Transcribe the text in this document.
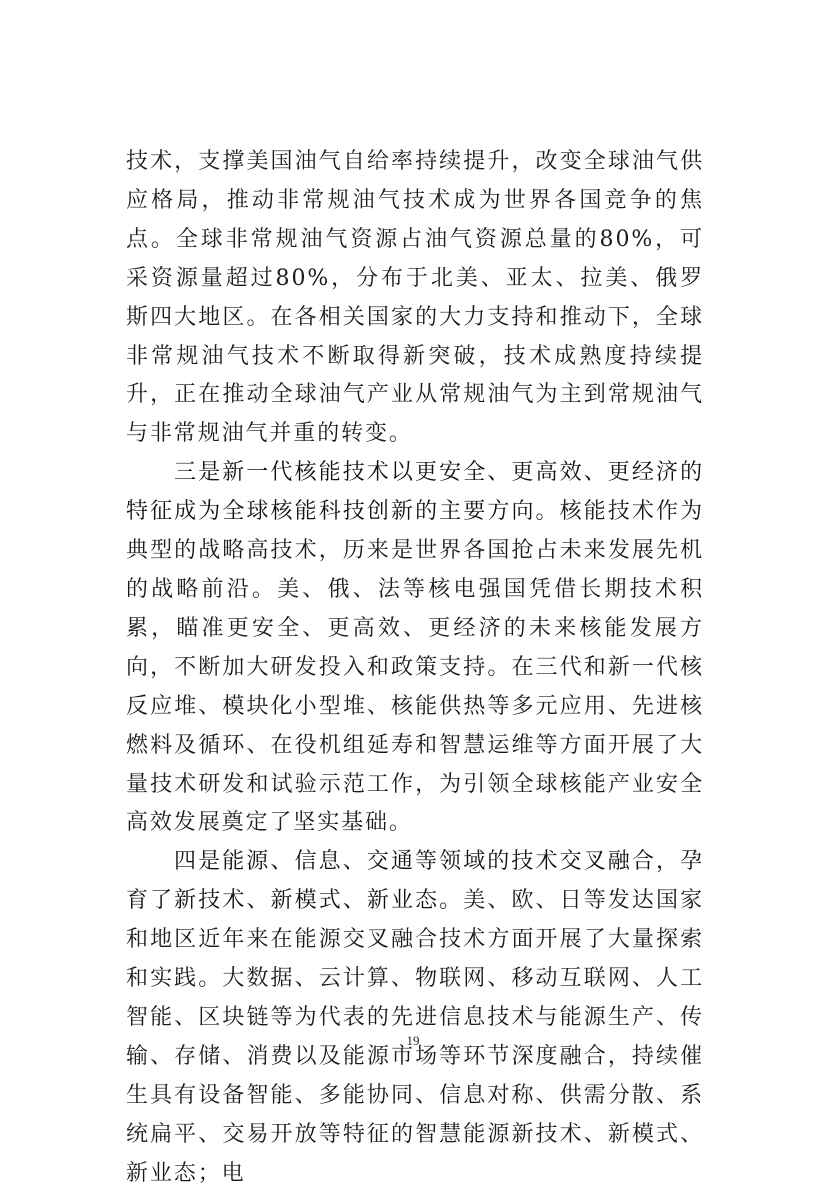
技术，支撑美国油气自给率持续提升，改变全球油气供应格局，推动非常规油气技术成为世界各国竞争的焦点。全球非常规油气资源占油气资源总量的80%，可采资源量超过80%，分布于北美、亚太、拉美、俄罗斯四大地区。在各相关国家的大力支持和推动下，全球非常规油气技术不断取得新突破，技术成熟度持续提升，正在推动全球油气产业从常规油气为主到常规油气与非常规油气并重的转变。

三是新一代核能技术以更安全、更高效、更经济的特征成为全球核能科技创新的主要方向。核能技术作为典型的战略高技术，历来是世界各国抢占未来发展先机的战略前沿。美、俄、法等核电强国凭借长期技术积累，瞄准更安全、更高效、更经济的未来核能发展方向，不断加大研发投入和政策支持。在三代和新一代核反应堆、模块化小型堆、核能供热等多元应用、先进核燃料及循环、在役机组延寿和智慧运维等方面开展了大量技术研发和试验示范工作，为引领全球核能产业安全高效发展奠定了坚实基础。

四是能源、信息、交通等领域的技术交叉融合，孕育了新技术、新模式、新业态。美、欧、日等发达国家和地区近年来在能源交叉融合技术方面开展了大量探索和实践。大数据、云计算、物联网、移动互联网、人工智能、区块链等为代表的先进信息技术与能源生产、传输、存储、消费以及能源市场等环节深度融合，持续催生具有设备智能、多能协同、信息对称、供需分散、系统扁平、交易开放等特征的智慧能源新技术、新模式、新业态；电

19
